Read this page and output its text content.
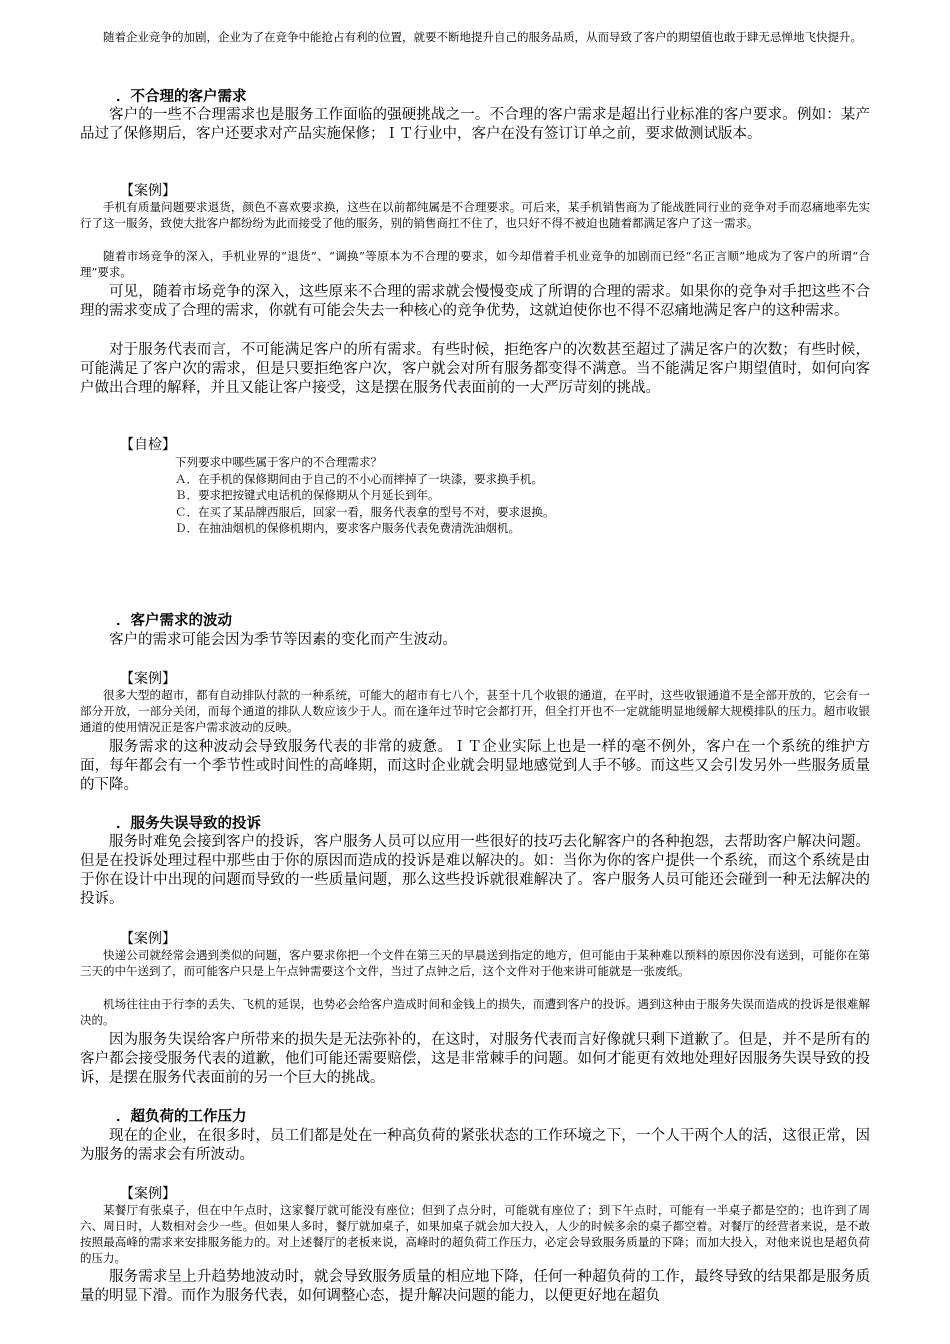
随着企业竞争的加剧，企业为了在竞争中能抢占有利的位置，就要不断地提升自己的服务品质，从而导致了客户的期望值也敢于肆无忌惮地飞快提升。

．不合理的客户需求

客户的一些不合理需求也是服务工作面临的强硬挑战之一。不合理的客户需求是超出行业标准的客户要求。例如：某产品过了保修期后，客户还要求对产品实施保修；ＩＴ行业中，客户在没有签订订单之前，要求做测试版本。

【案例】

手机有质量问题要求退货，颜色不喜欢要求换，这些在以前都纯属是不合理要求。可后来，某手机销售商为了能战胜同行业的竞争对手而忍痛地率先实行了这一服务，致使大批客户都纷纷为此而接受了他的服务，别的销售商扛不住了，也只好不得不被迫也随着都满足客户了这一需求。

随着市场竞争的深入，手机业界的“退货”、“调换”等原本为不合理的要求，如今却借着手机业竞争的加剧而已经“名正言顺”地成为了客户的所谓“合理”要求。

可见，随着市场竞争的深入，这些原来不合理的需求就会慢慢变成了所谓的合理的需求。如果你的竞争对手把这些不合理的需求变成了合理的需求，你就有可能会失去一种核心的竞争优势，这就迫使你也不得不忍痛地满足客户的这种需求。

对于服务代表而言，不可能满足客户的所有需求。有些时候，拒绝客户的次数甚至超过了满足客户的次数；有些时候，可能满足了客户次的需求，但是只要拒绝客户次，客户就会对所有服务都变得不满意。当不能满足客户期望值时，如何向客户做出合理的解释，并且又能让客户接受，这是摆在服务代表面前的一大严厉苛刻的挑战。

【自检】

下列要求中哪些属于客户的不合理需求？

Ａ．在手机的保修期间由于自己的不小心而摔掉了一块漆，要求换手机。

Ｂ．要求把按键式电话机的保修期从个月延长到年。

Ｃ．在买了某品牌西服后，回家一看，服务代表拿的型号不对，要求退换。

Ｄ．在抽油烟机的保修机期内，要求客户服务代表免费清洗油烟机。

．客户需求的波动

客户的需求可能会因为季节等因素的变化而产生波动。

【案例】

很多大型的超市，都有自动排队付款的一种系统，可能大的超市有七八个，甚至十几个收银的通道，在平时，这些收银通道不是全部开放的，它会有一部分开放，一部分关闭，而每个通道的排队人数应该少于人。而在逢年过节时它会都打开，但全打开也不一定就能明显地缓解大规模排队的压力。超市收银通道的使用情况正是客户需求波动的反映。

服务需求的这种波动会导致服务代表的非常的疲惫。ＩＴ企业实际上也是一样的毫不例外，客户在一个系统的维护方面，每年都会有一个季节性或时间性的高峰期，而这时企业就会明显地感觉到人手不够。而这些又会引发另外一些服务质量的下降。

．服务失误导致的投诉

服务时难免会接到客户的投诉，客户服务人员可以应用一些很好的技巧去化解客户的各种抱怨，去帮助客户解决问题。但是在投诉处理过程中那些由于你的原因而造成的投诉是难以解决的。如：当你为你的客户提供一个系统，而这个系统是由于你在设计中出现的问题而导致的一些质量问题，那么这些投诉就很难解决了。客户服务人员可能还会碰到一种无法解决的投诉。

【案例】

快递公司就经常会遇到类似的问题，客户要求你把一个文件在第三天的早晨送到指定的地方，但可能由于某种难以预料的原因你没有送到，可能你在第三天的中午送到了，而可能客户只是上午点钟需要这个文件，当过了点钟之后，这个文件对于他来讲可能就是一张废纸。

机场往往由于行李的丢失、飞机的延误，也势必会给客户造成时间和金钱上的损失，而遭到客户的投诉。遇到这种由于服务失误而造成的投诉是很难解决的。

因为服务失误给客户所带来的损失是无法弥补的，在这时，对服务代表而言好像就只剩下道歉了。但是，并不是所有的客户都会接受服务代表的道歉，他们可能还需要赔偿，这是非常棘手的问题。如何才能更有效地处理好因服务失误导致的投诉，是摆在服务代表面前的另一个巨大的挑战。

．超负荷的工作压力

现在的企业，在很多时，员工们都是处在一种高负荷的紧张状态的工作环境之下，一个人干两个人的活，这很正常，因为服务的需求会有所波动。

【案例】

某餐厅有张桌子，但在中午点时，这家餐厅就可能没有座位；但到了点分时，可能就有座位了；到下午点时，可能有一半桌子都是空的；也许到了周六、周日时，人数相对会少一些。但如果人多时，餐厅就加桌子，如果加桌子就会加大投入，人少的时候多余的桌子都空着。对餐厅的经营者来说，是不敢按照最高峰的需求来安排服务能力的。对上述餐厅的老板来说，高峰时的超负荷工作压力，必定会导致服务质量的下降；而加大投入，对他来说也是超负荷的压力。

服务需求呈上升趋势地波动时，就会导致服务质量的相应地下降，任何一种超负荷的工作，最终导致的结果都是服务质量的明显下滑。而作为服务代表，如何调整心态，提升解决问题的能力，以便更好地在超负
